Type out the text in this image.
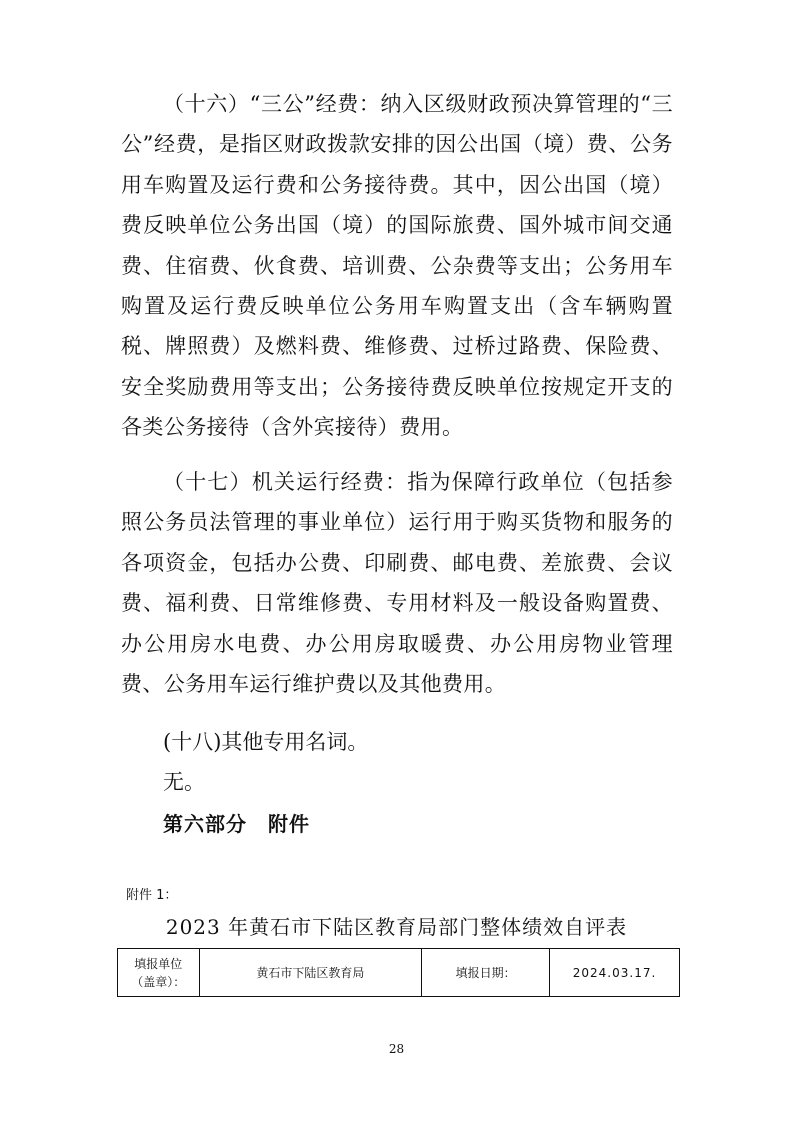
（十六）“三公”经费：纳入区级财政预决算管理的“三公”经费，是指区财政拨款安排的因公出国（境）费、公务用车购置及运行费和公务接待费。其中，因公出国（境）费反映单位公务出国（境）的国际旅费、国外城市间交通费、住宿费、伙食费、培训费、公杂费等支出；公务用车购置及运行费反映单位公务用车购置支出（含车辆购置税、牌照费）及燃料费、维修费、过桥过路费、保险费、安全奖励费用等支出；公务接待费反映单位按规定开支的各类公务接待（含外宾接待）费用。

（十七）机关运行经费：指为保障行政单位（包括参照公务员法管理的事业单位）运行用于购买货物和服务的各项资金，包括办公费、印刷费、邮电费、差旅费、会议费、福利费、日常维修费、专用材料及一般设备购置费、办公用房水电费、办公用房取暖费、办公用房物业管理费、公务用车运行维护费以及其他费用。

(十八)其他专用名词。

无。

第六部分　附件

附件 1：
2023 年黄石市下陆区教育局部门整体绩效自评表
填报单位
（盖章）：	黄石市下陆区教育局	填报日期：	2024.03.17.
28
